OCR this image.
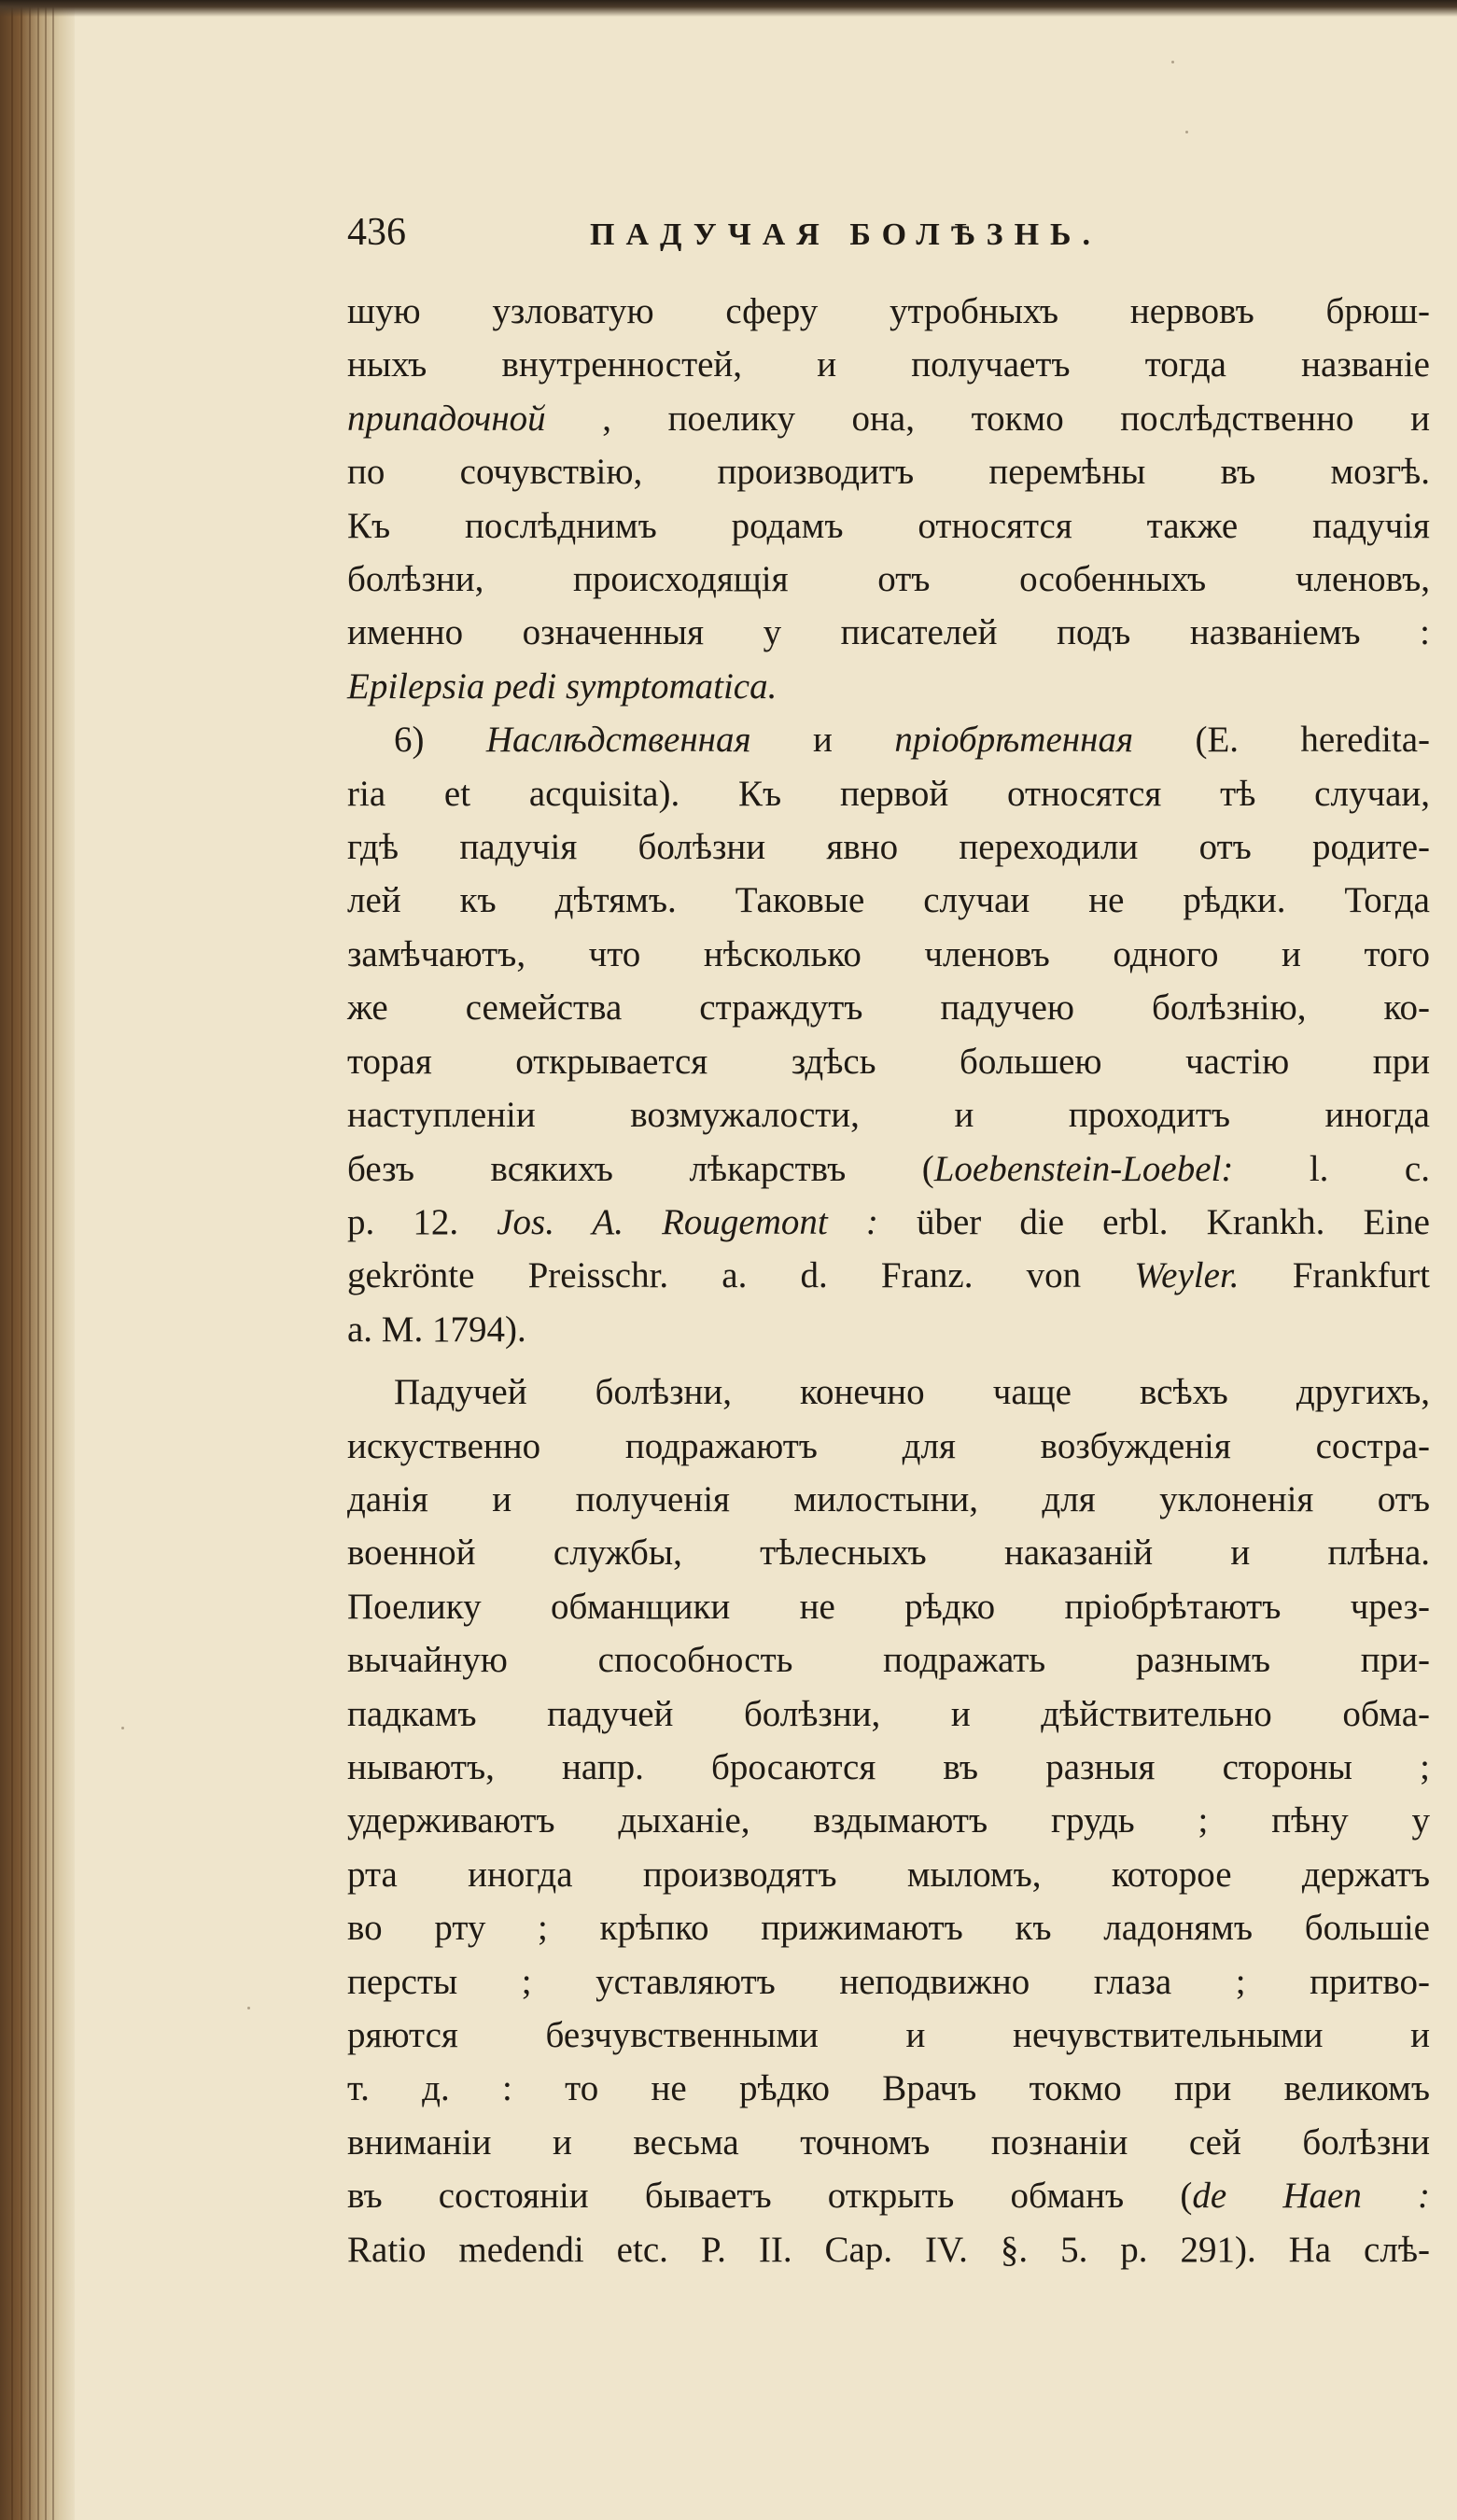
436	ПАДУЧАЯ БОЛѢЗНЬ.

шую узловатую сферу утробныхъ нервовъ брюш-

ныхъ внутренностей, и получаетъ тогда названіе

припадочной , поелику она, токмо послѣдственно и

по сочувствію, производитъ перемѣны въ мозгѣ.

Къ послѣднимъ родамъ относятся также падучія

болѣзни, происходящія отъ особенныхъ членовъ,

именно означенныя у писателей подъ названіемъ :

Epilepsia pedi symptomatica.

6) Наслѣдственная и пріобрѣтенная (E. heredita-

ria et acquisita). Къ первой относятся тѣ случаи,

гдѣ падучія болѣзни явно переходили отъ родите-

лей къ дѣтямъ. Таковые случаи не рѣдки. Тогда

замѣчаютъ, что нѣсколько членовъ одного и того

же семейства страждутъ падучею болѣзнію, ко-

торая открывается здѣсь большею частію при

наступленіи возмужалости, и проходитъ иногда

безъ всякихъ лѣкарствъ (Loebenstein-Loebel: l. c.

p. 12. Jos. A. Rougemont : über die erbl. Krankh. Eine

gekrönte Preisschr. a. d. Franz. von Weyler. Frankfurt

a. M. 1794).

Падучей болѣзни, конечно чаще всѣхъ другихъ,

искуственно подражаютъ для возбужденія сострa-

данія и полученія милостыни, для уклоненія отъ

военной службы, тѣлесныхъ наказаній и плѣна.

Поелику обманщики не рѣдко пріобрѣтаютъ чрез-

вычайную способность подражать разнымъ при-

падкамъ падучей болѣзни, и дѣйствительно обма-

нываютъ, напр. бросаются въ разныя стороны ;

удерживаютъ дыханіе, вздымаютъ грудь ; пѣну у

рта иногда производятъ мыломъ, которое держатъ

во рту ; крѣпко прижимаютъ къ ладонямъ большіе

персты ; уставляютъ неподвижно глаза ; притво-

ряются безчувственными и нечувствительными и

т. д. : то не рѣдко Врачъ токмо при великомъ

вниманіи и весьма точномъ познаніи сей болѣзни

въ состояніи бываетъ открыть обманъ (de Haen :

Ratio medendi etc. P. II. Cap. IV. §. 5. p. 291). На слѣ-
